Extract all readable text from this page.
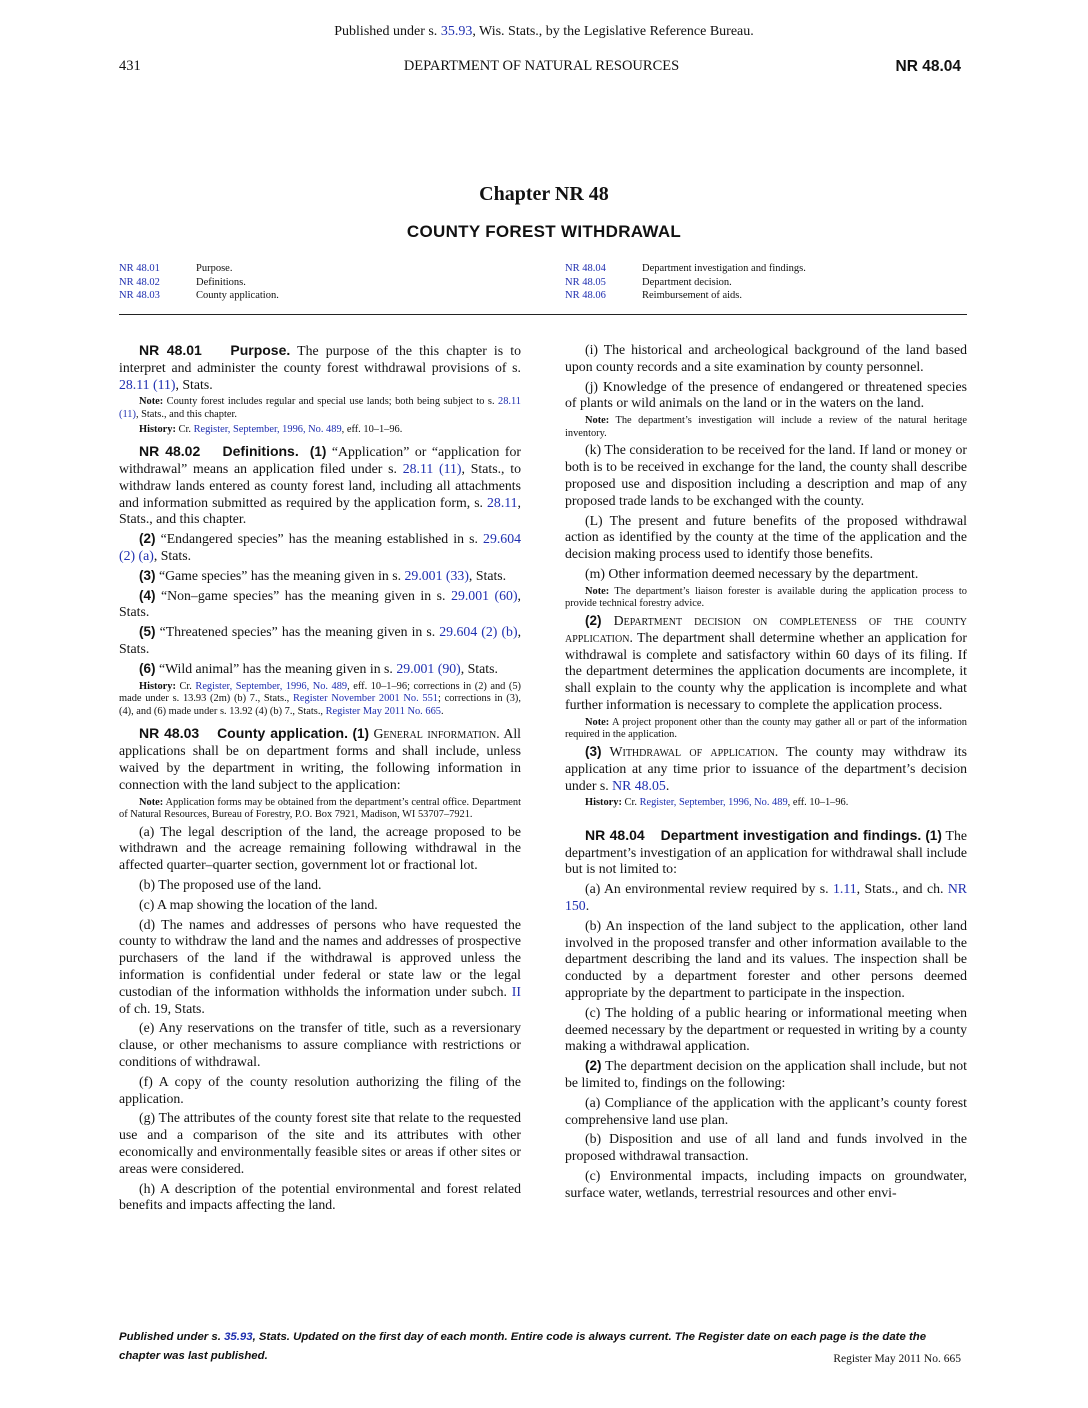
Published under s. 35.93, Wis. Stats., by the Legislative Reference Bureau.
431	DEPARTMENT OF NATURAL RESOURCES	NR 48.04
Chapter NR 48
COUNTY FOREST WITHDRAWAL
NR 48.01	Purpose.
NR 48.02	Definitions.
NR 48.03	County application.
NR 48.04	Department investigation and findings.
NR 48.05	Department decision.
NR 48.06	Reimbursement of aids.

NR 48.01 Purpose. The purpose of the this chapter is to interpret and administer the county forest withdrawal provisions of s. 28.11 (11), Stats.

Note: County forest includes regular and special use lands; both being subject to s. 28.11 (11), Stats., and this chapter.

History: Cr. Register, September, 1996, No. 489, eff. 10–1–96.

NR 48.02 Definitions. (1) “Application” or “application for withdrawal” means an application filed under s. 28.11 (11), Stats., to withdraw lands entered as county forest land, including all attachments and information submitted as required by the application form, s. 28.11, Stats., and this chapter.

(2) “Endangered species” has the meaning established in s. 29.604 (2) (a), Stats.

(3) “Game species” has the meaning given in s. 29.001 (33), Stats.

(4) “Non–game species” has the meaning given in s. 29.001 (60), Stats.

(5) “Threatened species” has the meaning given in s. 29.604 (2) (b), Stats.

(6) “Wild animal” has the meaning given in s. 29.001 (90), Stats.

History: Cr. Register, September, 1996, No. 489, eff. 10–1–96; corrections in (2) and (5) made under s. 13.93 (2m) (b) 7., Stats., Register November 2001 No. 551; corrections in (3), (4), and (6) made under s. 13.92 (4) (b) 7., Stats., Register May 2011 No. 665.

NR 48.03 County application. (1) General information. All applications shall be on department forms and shall include, unless waived by the department in writing, the following information in connection with the land subject to the application:

Note: Application forms may be obtained from the department’s central office. Department of Natural Resources, Bureau of Forestry, P.O. Box 7921, Madison, WI 53707–7921.

(a) The legal description of the land, the acreage proposed to be withdrawn and the acreage remaining following withdrawal in the affected quarter–quarter section, government lot or fractional lot.

(b) The proposed use of the land.

(c) A map showing the location of the land.

(d) The names and addresses of persons who have requested the county to withdraw the land and the names and addresses of prospective purchasers of the land if the withdrawal is approved unless the information is confidential under federal or state law or the legal custodian of the information withholds the information under subch. II of ch. 19, Stats.

(e) Any reservations on the transfer of title, such as a reversionary clause, or other mechanisms to assure compliance with restrictions or conditions of withdrawal.

(f) A copy of the county resolution authorizing the filing of the application.

(g) The attributes of the county forest site that relate to the requested use and a comparison of the site and its attributes with other economically and environmentally feasible sites or areas if other sites or areas were considered.

(h) A description of the potential environmental and forest related benefits and impacts affecting the land.

(i) The historical and archeological background of the land based upon county records and a site examination by county personnel.

(j) Knowledge of the presence of endangered or threatened species of plants or wild animals on the land or in the waters on the land.

Note: The department’s investigation will include a review of the natural heritage inventory.

(k) The consideration to be received for the land. If land or money or both is to be received in exchange for the land, the county shall describe proposed use and disposition including a description and map of any proposed trade lands to be exchanged with the county.

(L) The present and future benefits of the proposed withdrawal action as identified by the county at the time of the application and the decision making process used to identify those benefits.

(m) Other information deemed necessary by the department.

Note: The department’s liaison forester is available during the application process to provide technical forestry advice.

(2) Department decision on completeness of the county application. The department shall determine whether an application for withdrawal is complete and satisfactory within 60 days of its filing. If the department determines the application documents are incomplete, it shall explain to the county why the application is incomplete and what further information is necessary to complete the application process.

Note: A project proponent other than the county may gather all or part of the information required in the application.

(3) Withdrawal of application. The county may withdraw its application at any time prior to issuance of the department’s decision under s. NR 48.05.

History: Cr. Register, September, 1996, No. 489, eff. 10–1–96.

NR 48.04 Department investigation and findings. (1) The department’s investigation of an application for withdrawal shall include but is not limited to:

(a) An environmental review required by s. 1.11, Stats., and ch. NR 150.

(b) An inspection of the land subject to the application, other land involved in the proposed transfer and other information available to the department describing the land and its values. The inspection shall be conducted by a department forester and other persons deemed appropriate by the department to participate in the inspection.

(c) The holding of a public hearing or informational meeting when deemed necessary by the department or requested in writing by a county making a withdrawal application.

(2) The department decision on the application shall include, but not be limited to, findings on the following:

(a) Compliance of the application with the applicant’s county forest comprehensive land use plan.

(b) Disposition and use of all land and funds involved in the proposed withdrawal transaction.

(c) Environmental impacts, including impacts on groundwater, surface water, wetlands, terrestrial resources and other envi-

Published under s. 35.93, Stats. Updated on the first day of each month. Entire code is always current. The Register date on each page is the date the chapter was last published.	Register May 2011 No. 665
